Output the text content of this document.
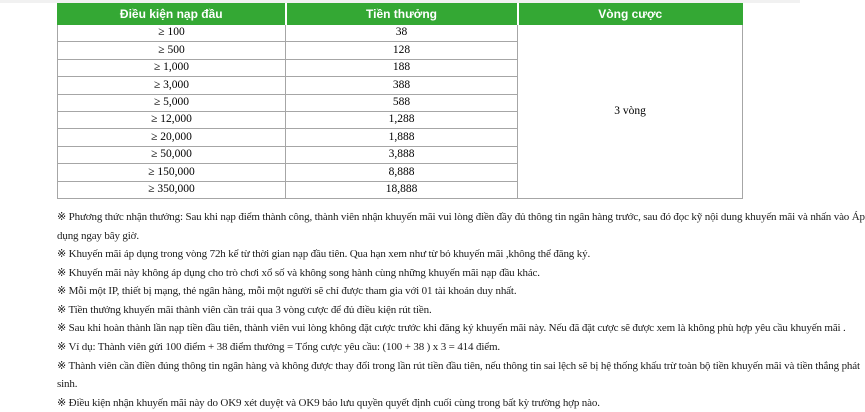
Điều kiện nạp đầu	Tiền thưởng	Vòng cược
≥ 100	38	3 vòng
≥ 500	128	
≥ 1,000	188	
≥ 3,000	388	
≥ 5,000	588	
≥ 12,000	1,288	
≥ 20,000	1,888	
≥ 50,000	3,888	
≥ 150,000	8,888	
≥ 350,000	18,888	
※ Phương thức nhận thưởng: Sau khi nạp điểm thành công, thành viên nhận khuyến mãi vui lòng điền đầy đủ thông tin ngân hàng trước, sau đó đọc kỹ nội dung khuyến mãi và nhấn vào Áp
dụng ngay bây giờ.
※ Khuyến mãi áp dụng trong vòng 72h kể từ thời gian nạp đầu tiên. Qua hạn xem như từ bỏ khuyến mãi ,không thể đăng ký.
※ Khuyến mãi này không áp dụng cho trò chơi xổ số và không song hành cùng những khuyến mãi nạp đầu khác.
※ Mỗi một IP, thiết bị mạng, thẻ ngân hàng, mỗi một người sẽ chỉ được tham gia với 01 tài khoản duy nhất.
※ Tiền thưởng khuyến mãi thành viên cần trải qua 3 vòng cược để đủ điều kiện rút tiền.
※ Sau khi hoàn thành lần nạp tiền đầu tiên, thành viên vui lòng không đặt cược trước khi đăng ký khuyến mãi này. Nếu đã đặt cược sẽ được xem là không phù hợp yêu cầu khuyến mãi .
※ Ví dụ: Thành viên gửi 100 điểm + 38 điểm thưởng = Tổng cược yêu cầu: (100 + 38 ) x 3 = 414 điểm.
※ Thành viên cần điền đúng thông tin ngân hàng và không được thay đổi trong lần rút tiền đầu tiên, nếu thông tin sai lệch sẽ bị hệ thống khấu trừ toàn bộ tiền khuyến mãi và tiền thắng phát
sinh.
※ Điều kiện nhận khuyến mãi này do OK9 xét duyệt và OK9 bảo lưu quyền quyết định cuối cùng trong bất kỳ trường hợp nào.
